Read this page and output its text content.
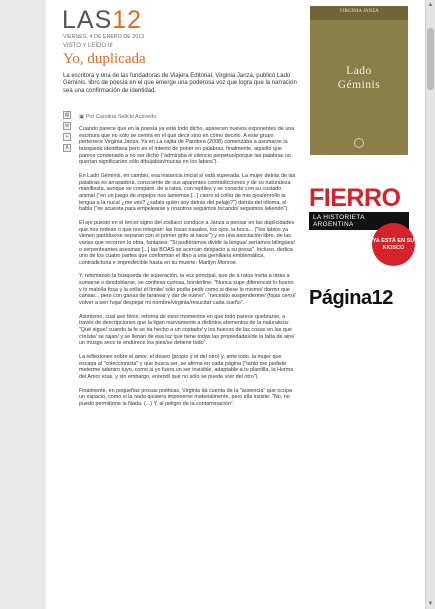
LAS12
VIERNES, 4 DE ENERO DE 2013
VISTO Y LEÍDO III
Yo, duplicada
La escritora y una de las fundadoras de Viajera Editorial, Virginia Janza, publicó Lado Géminis, libro de poesía en el que emerge una poderosa voz que logra que la narración sea una confirmación de identidad.
▤
✉
+
A
▣ Por Carolina Selicki Acevedo

Cuando parece que en la poesía ya está todo dicho, aparecen nuevos exponentes de una escritura que no sólo se centra en el qué decir sino en cómo decirlo. A este grupo pertenece Virginia Janza. Ya en La cajita de Pandora (2008) comenzaba a asomarse la búsqueda identitaria pero en el intento de poner en palabras, finalmente, aquello que parece condenado a no ser dicho ("admiraba el silencio perpetuo/porque las palabras no querían significar/en sólo dibujaban/mucas en los labios").

En Lado Géminis, en cambio, esa instancia inicial sí está superada. La mujer detrás de las palabras es arrasadora, consciente de sus aparentes contradicciones y de su naturaleza manifiesta, aunque se compare, de a ratos, con reptiles y se conecte con su costado animal ("en un juego de espejos nos lamemos [...] cierro el collar de mis ojos/enrollo la lengua a la nuca/ ¿me ves? ¿sabés quién soy detrás del pelaje?") detrás del idioma, el habla ("se acuesta para empelearse y nosotros seguimos tocando/ seguimos latiendo").

El eje puesto en el tercer signo del zodíaco conduce a Janza a pensar en las duplicidades que nos rodean o que nos integran: las fosas nasales, los ojos, la boca... ("los labios ya vienen partidos/se separan con el primer grito al nacer") y en una asociación libre, de las varias que recorren la obra, fantasea: "Si pudiéramos dividir la lengua/ seríamos bilingües/ o serpenteantes asesinas [...] las BOAS se acercan despacio a su presa". Incluso, dedica uno de los cuatro partes que conforman el libro a una gemiliana emblemática, contradictoria e impredecible hasta en su muerte: Marilyn Monroe.

Y, retomando la búsqueda de superación, la voz principal, que de a ratos invita a otras a sumarse o desdoblarse, se confiesa curiosa, borderline: "Nunca supe diferenciar lo bueno y lo malo/la fosa y la orilla/ el límite/ sólo podía pedir como si diese lo mismo/ dormir que cansar... pero con ganas de tararear y dar de nuevo", "necesito suspenderme/ (fojas cero)/ volver a ser/ hoja/ despejar mi nombre/virginia/resucitar cada sueño".

Asimismo, cual ave fénix, retorna de esos momentos en que todo parece quebrarse, a través de descripciones que la ligan nuevamente a distintos elementos de la naturaleza: "Qué sigue/ cuando la fe se ha hecho a un costado/ y los huecos de las cosas en las que creíste/ se rajan/ y se llenan de esa luz que tiene todas las propiedades/de la falta de aire/ un musgo seco te endurece los pies/se detiene todo".

La reflexiones sobre el amor, el deseo (propio y el del otro) y, ante todo, la mujer que escapa al "coleccionista" y que busca ser, se afirma en cada página ("tanto me pediste meterme adentro tuyo, como si yo fuera un ser invisible, adaptable a tu plantilla, la Horma del Amor eras, y sin embargo, entendí que no sólo se puede vivir del otro").

Finalmente, en pequeñas prosas poéticas, Virginia da cuenta de la "ausencia" que ocupa un espacio, como si la nada quisiera imponerse materialmente, pero ella insiste: "No, no puedo permitirme la Nada. (...) Y, al peligro de la contaminación".

VIRGINIA JANZA
Lado
Géminis
FIERRO
LA HISTORIETA ARGENTINA
YA ESTÁ EN SU KIOSCO
Página12
▲
▼
